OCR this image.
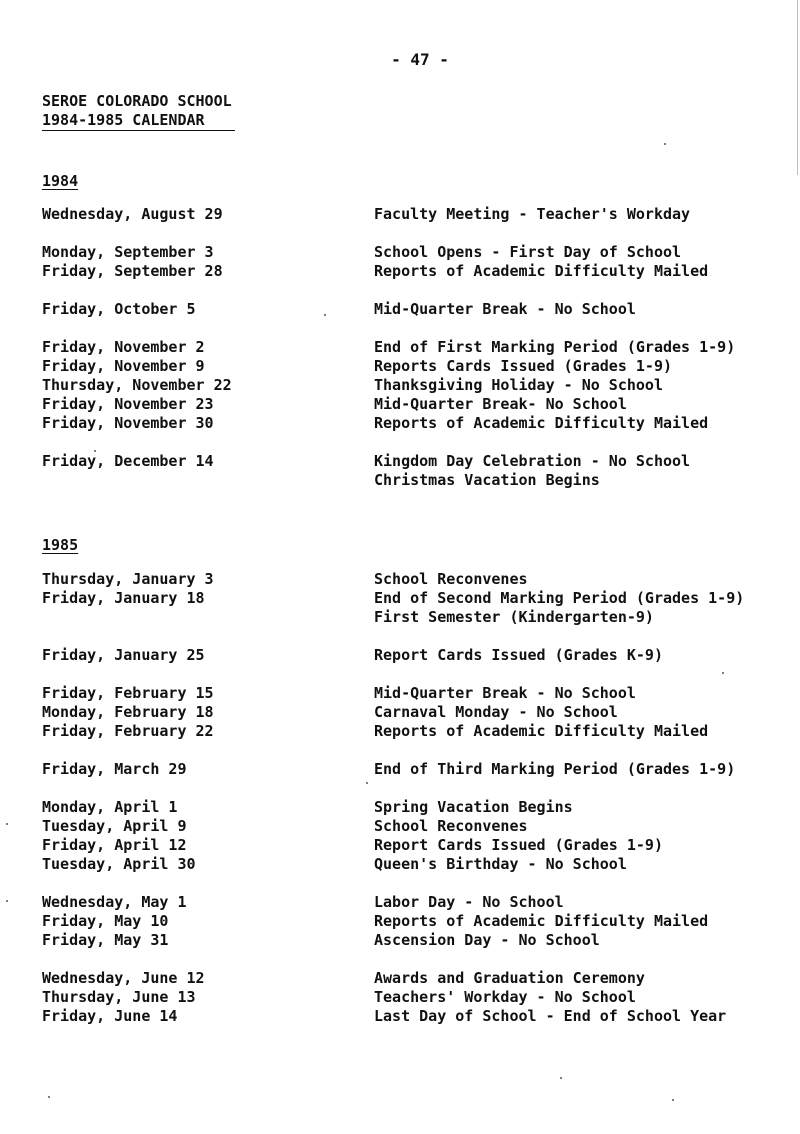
- 47 -
SEROE COLORADO SCHOOL
1984-1985 CALENDAR
1984
Wednesday, August 29	Faculty Meeting - Teacher's Workday
Monday, September 3	School Opens - First Day of School
Friday, September 28	Reports of Academic Difficulty Mailed
Friday, October 5	Mid-Quarter Break - No School
Friday, November 2	End of First Marking Period (Grades 1-9)
Friday, November 9	Reports Cards Issued (Grades 1-9)
Thursday, November 22	Thanksgiving Holiday - No School
Friday, November 23	Mid-Quarter Break- No School
Friday, November 30	Reports of Academic Difficulty Mailed
Friday, December 14	Kingdom Day Celebration - No School
Christmas Vacation Begins
1985
Thursday, January 3	School Reconvenes
Friday, January 18	End of Second Marking Period (Grades 1-9)
First Semester (Kindergarten-9)
Friday, January 25	Report Cards Issued (Grades K-9)
Friday, February 15	Mid-Quarter Break - No School
Monday, February 18	Carnaval Monday - No School
Friday, February 22	Reports of Academic Difficulty Mailed
Friday, March 29	End of Third Marking Period (Grades 1-9)
Monday, April 1	Spring Vacation Begins
Tuesday, April 9	School Reconvenes
Friday, April 12	Report Cards Issued (Grades 1-9)
Tuesday, April 30	Queen's Birthday - No School
Wednesday, May 1	Labor Day - No School
Friday, May 10	Reports of Academic Difficulty Mailed
Friday, May 31	Ascension Day - No School
Wednesday, June 12	Awards and Graduation Ceremony
Thursday, June 13	Teachers' Workday - No School
Friday, June 14	Last Day of School - End of School Year
